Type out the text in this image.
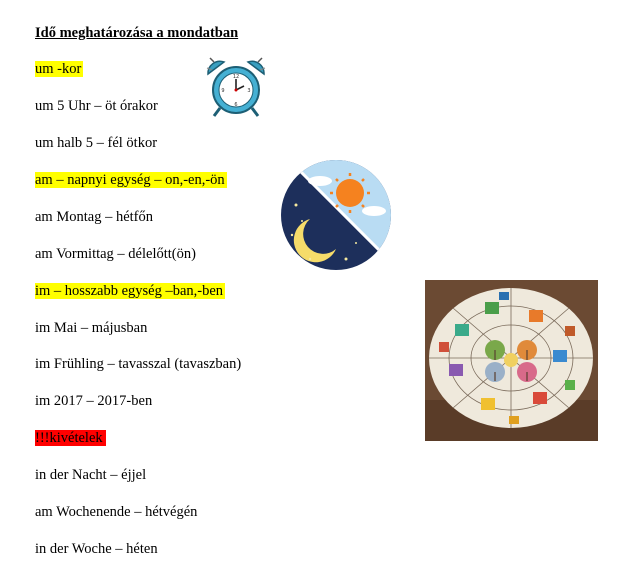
Idő meghatározása a mondatban
um -kor
um 5 Uhr – öt órakor
um halb 5 – fél ötkor
am – napnyi egység – on,-en,-ön
am Montag – hétfőn
am Vormittag – délelőtt(ön)
im – hosszabb egység –ban,-ben
im Mai – májusban
im Frühling – tavasszal (tavaszban)
im 2017 – 2017-ben
!!!kivételek
in der Nacht – éjjel
am Wochenende – hétvégén
in der Woche – héten
12
3
6
9
